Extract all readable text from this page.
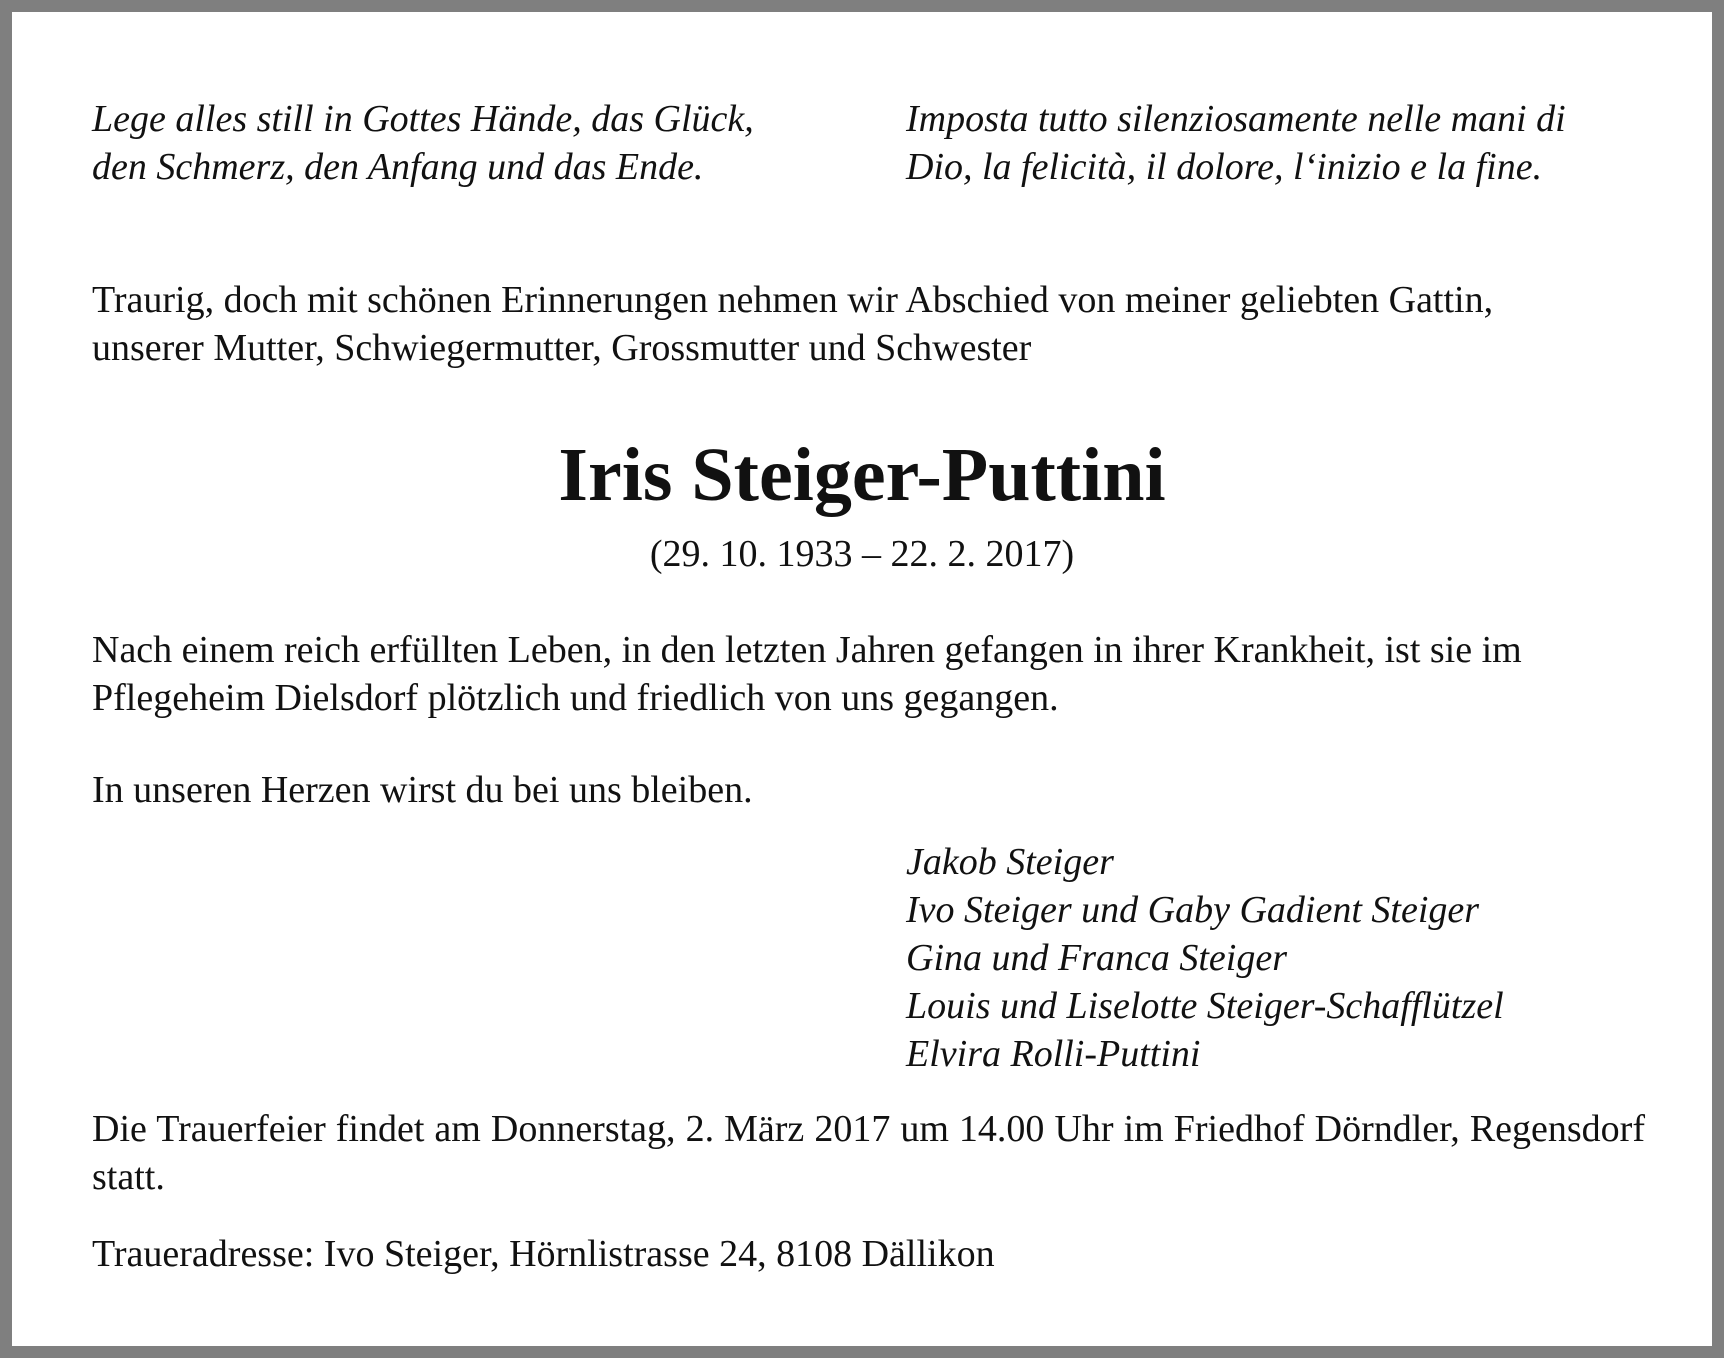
Lege alles still in Gottes Hände, das Glück,
den Schmerz, den Anfang und das Ende.
Imposta tutto silenziosamente nelle mani di
Dio, la felicità, il dolore, l‘inizio e la fine.
Traurig, doch mit schönen Erinnerungen nehmen wir Abschied von meiner geliebten Gattin,
unserer Mutter, Schwiegermutter, Grossmutter und Schwester
Iris Steiger-Puttini
(29. 10. 1933 – 22. 2. 2017)
Nach einem reich erfüllten Leben, in den letzten Jahren gefangen in ihrer Krankheit, ist sie im
Pflegeheim Dielsdorf plötzlich und friedlich von uns gegangen.
In unseren Herzen wirst du bei uns bleiben.
Jakob Steiger
Ivo Steiger und Gaby Gadient Steiger
Gina und Franca Steiger
Louis und Liselotte Steiger-Schafflützel
Elvira Rolli-Puttini
Die Trauerfeier findet am Donnerstag, 2. März 2017 um 14.00 Uhr im Friedhof Dörndler, Regensdorf statt.
Traueradresse: Ivo Steiger, Hörnlistrasse 24, 8108 Dällikon
